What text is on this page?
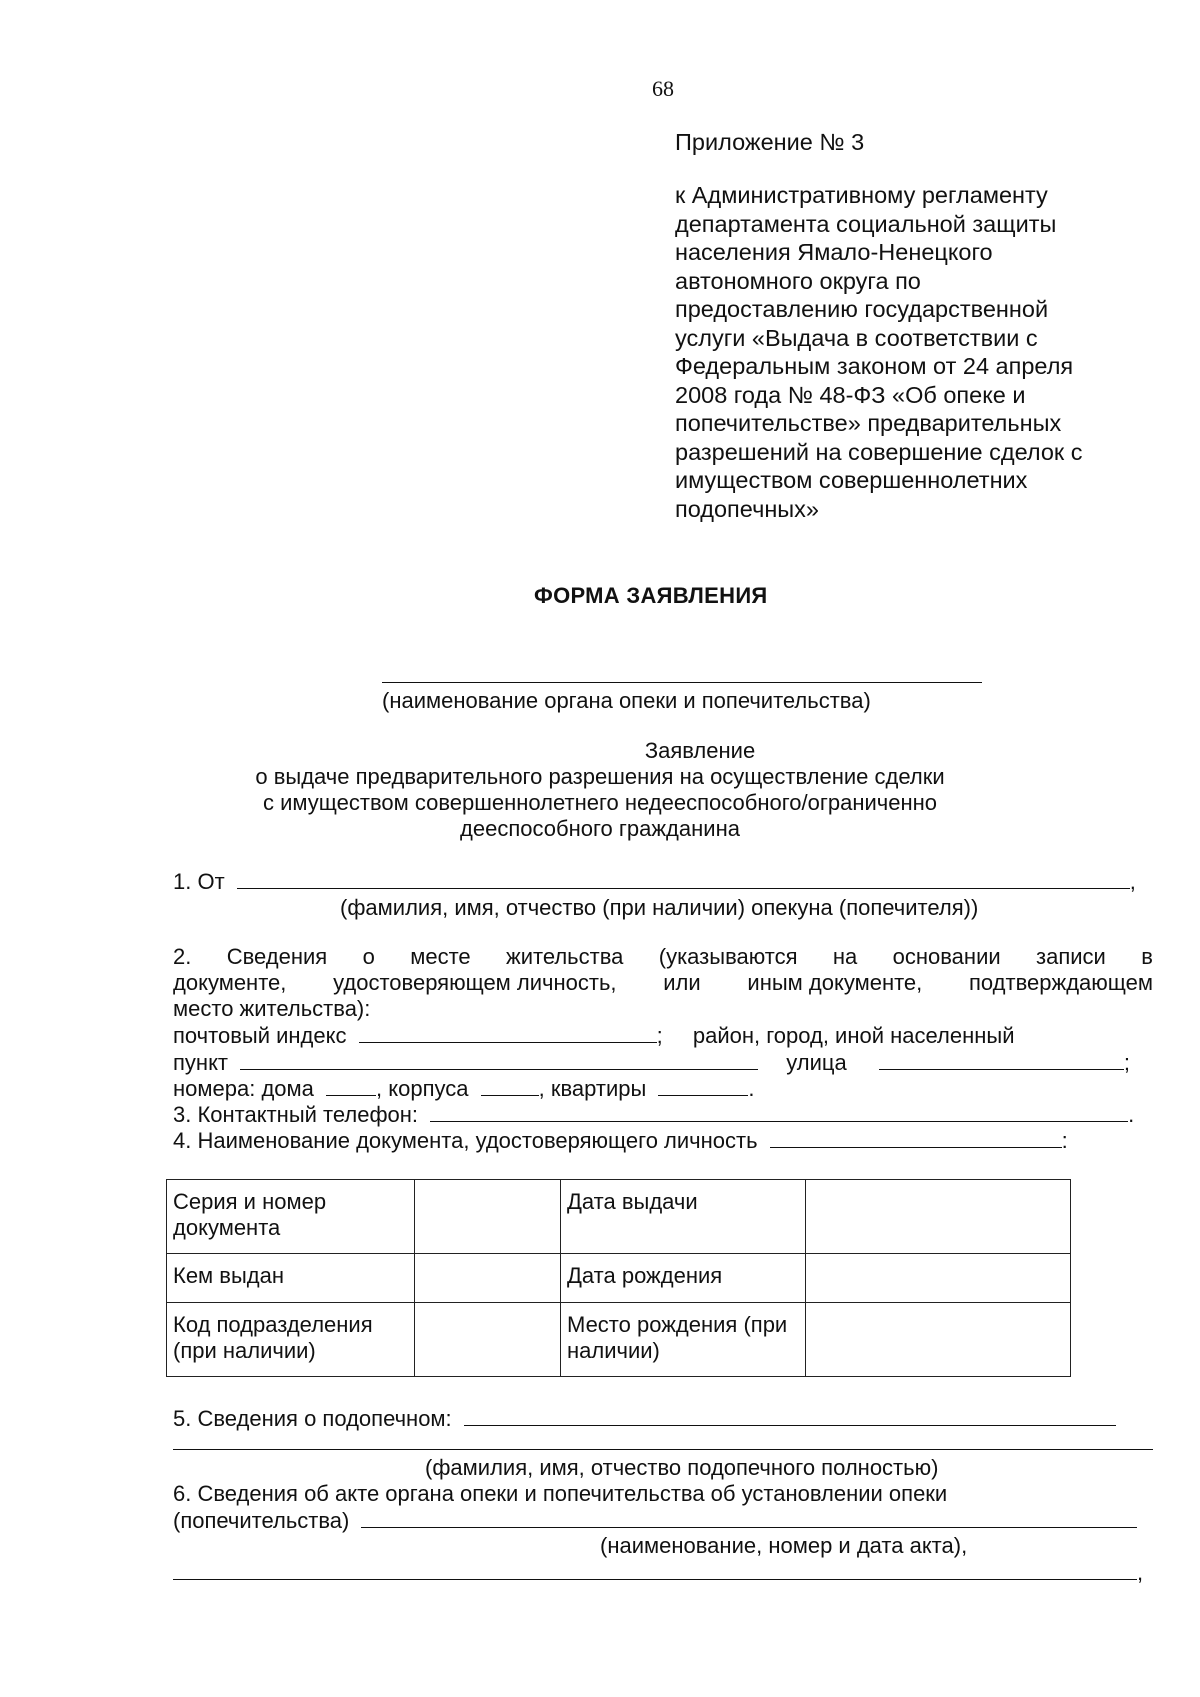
68
Приложение № 3
к Административному регламенту
департамента социальной защиты
населения Ямало-Ненецкого
автономного округа по
предоставлению государственной
услуги «Выдача в соответствии с
Федеральным законом от 24 апреля
2008 года № 48-ФЗ «Об опеке и
попечительстве» предварительных
разрешений на совершение сделок с
имуществом совершеннолетних
подопечных»
ФОРМА ЗАЯВЛЕНИЯ
(наименование органа опеки и попечительства)
Заявление
о выдаче предварительного разрешения на осуществление сделки
с имуществом совершеннолетнего недееспособного/ограниченно
дееспособного гражданина
1. От	,
(фамилия, имя, отчество (при наличии) опекуна (попечителя))
2. Сведения о месте жительства (указываются на основании записи в
документе, удостоверяющем личность, или иным документе, подтверждающем
место жительства):
почтовый индекс	; район, город, иной населенный
пункт	улица	;
номера: дома	, корпуса	, квартиры	.
3. Контактный телефон:	.
4. Наименование документа, удостоверяющего личность	:
Серия и номер документа		Дата выдачи	
Кем выдан		Дата рождения	
Код подразделения (при наличии)		Место рождения (при наличии)	
5. Сведения о подопечном:
(фамилия, имя, отчество подопечного полностью)
6. Сведения об акте органа опеки и попечительства об установлении опеки
(попечительства)
(наименование, номер и дата акта),
,
